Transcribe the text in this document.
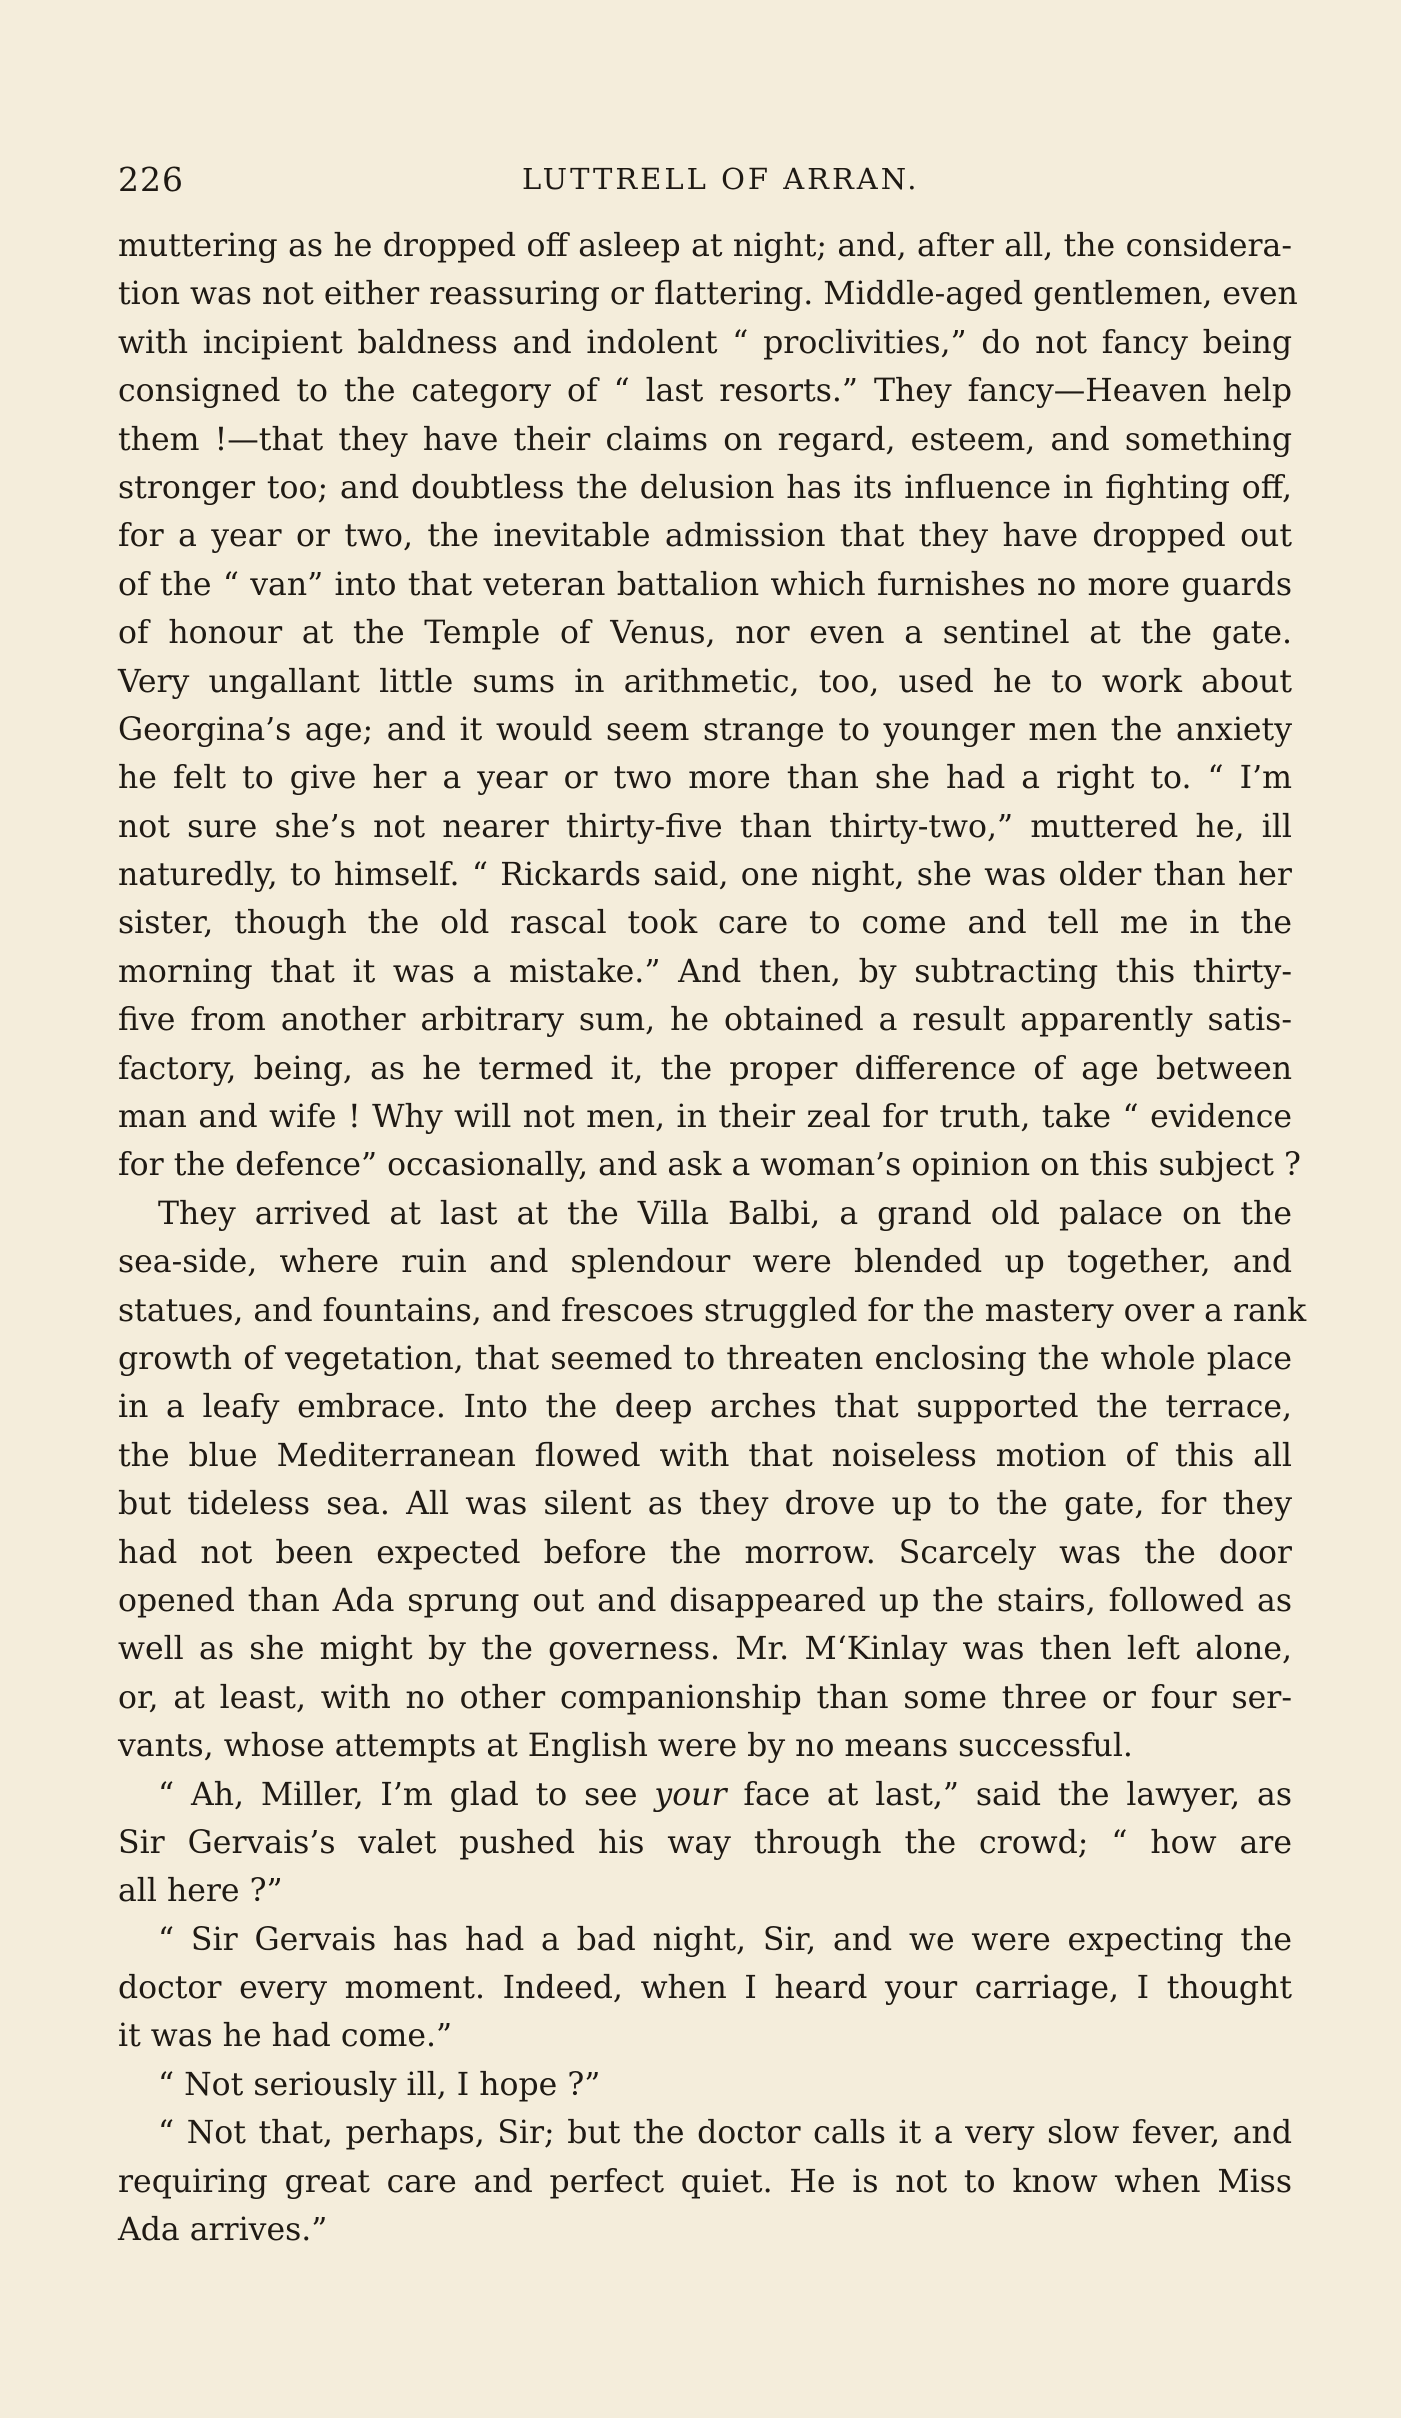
226	LUTTRELL OF ARRAN.
muttering as he dropped off asleep at night; and, after all, the considera-
tion was not either reassuring or flattering. Middle-aged gentlemen, even
with incipient baldness and indolent “ proclivities,” do not fancy being
consigned to the category of “ last resorts.” They fancy—Heaven help
them !—that they have their claims on regard, esteem, and something
stronger too; and doubtless the delusion has its influence in fighting off,
for a year or two, the inevitable admission that they have dropped out
of the “ van” into that veteran battalion which furnishes no more guards
of honour at the Temple of Venus, nor even a sentinel at the gate.
Very ungallant little sums in arithmetic, too, used he to work about
Georgina’s age; and it would seem strange to younger men the anxiety
he felt to give her a year or two more than she had a right to. “ I’m
not sure she’s not nearer thirty-five than thirty-two,” muttered he, ill
naturedly, to himself. “ Rickards said, one night, she was older than her
sister, though the old rascal took care to come and tell me in the
morning that it was a mistake.” And then, by subtracting this thirty-
five from another arbitrary sum, he obtained a result apparently satis-
factory, being, as he termed it, the proper difference of age between
man and wife ! Why will not men, in their zeal for truth, take “ evidence
for the defence” occasionally, and ask a woman’s opinion on this subject ?
They arrived at last at the Villa Balbi, a grand old palace on the
sea-side, where ruin and splendour were blended up together, and
statues, and fountains, and frescoes struggled for the mastery over a rank
growth of vegetation, that seemed to threaten enclosing the whole place
in a leafy embrace. Into the deep arches that supported the terrace,
the blue Mediterranean flowed with that noiseless motion of this all
but tideless sea. All was silent as they drove up to the gate, for they
had not been expected before the morrow. Scarcely was the door
opened than Ada sprung out and disappeared up the stairs, followed as
well as she might by the governess. Mr. M‘Kinlay was then left alone,
or, at least, with no other companionship than some three or four ser-
vants, whose attempts at English were by no means successful.
“ Ah, Miller, I’m glad to see your face at last,” said the lawyer, as
Sir Gervais’s valet pushed his way through the crowd; “ how are
all here ?”
“ Sir Gervais has had a bad night, Sir, and we were expecting the
doctor every moment. Indeed, when I heard your carriage, I thought
it was he had come.”
“ Not seriously ill, I hope ?”
“ Not that, perhaps, Sir; but the doctor calls it a very slow fever, and
requiring great care and perfect quiet. He is not to know when Miss
Ada arrives.”
